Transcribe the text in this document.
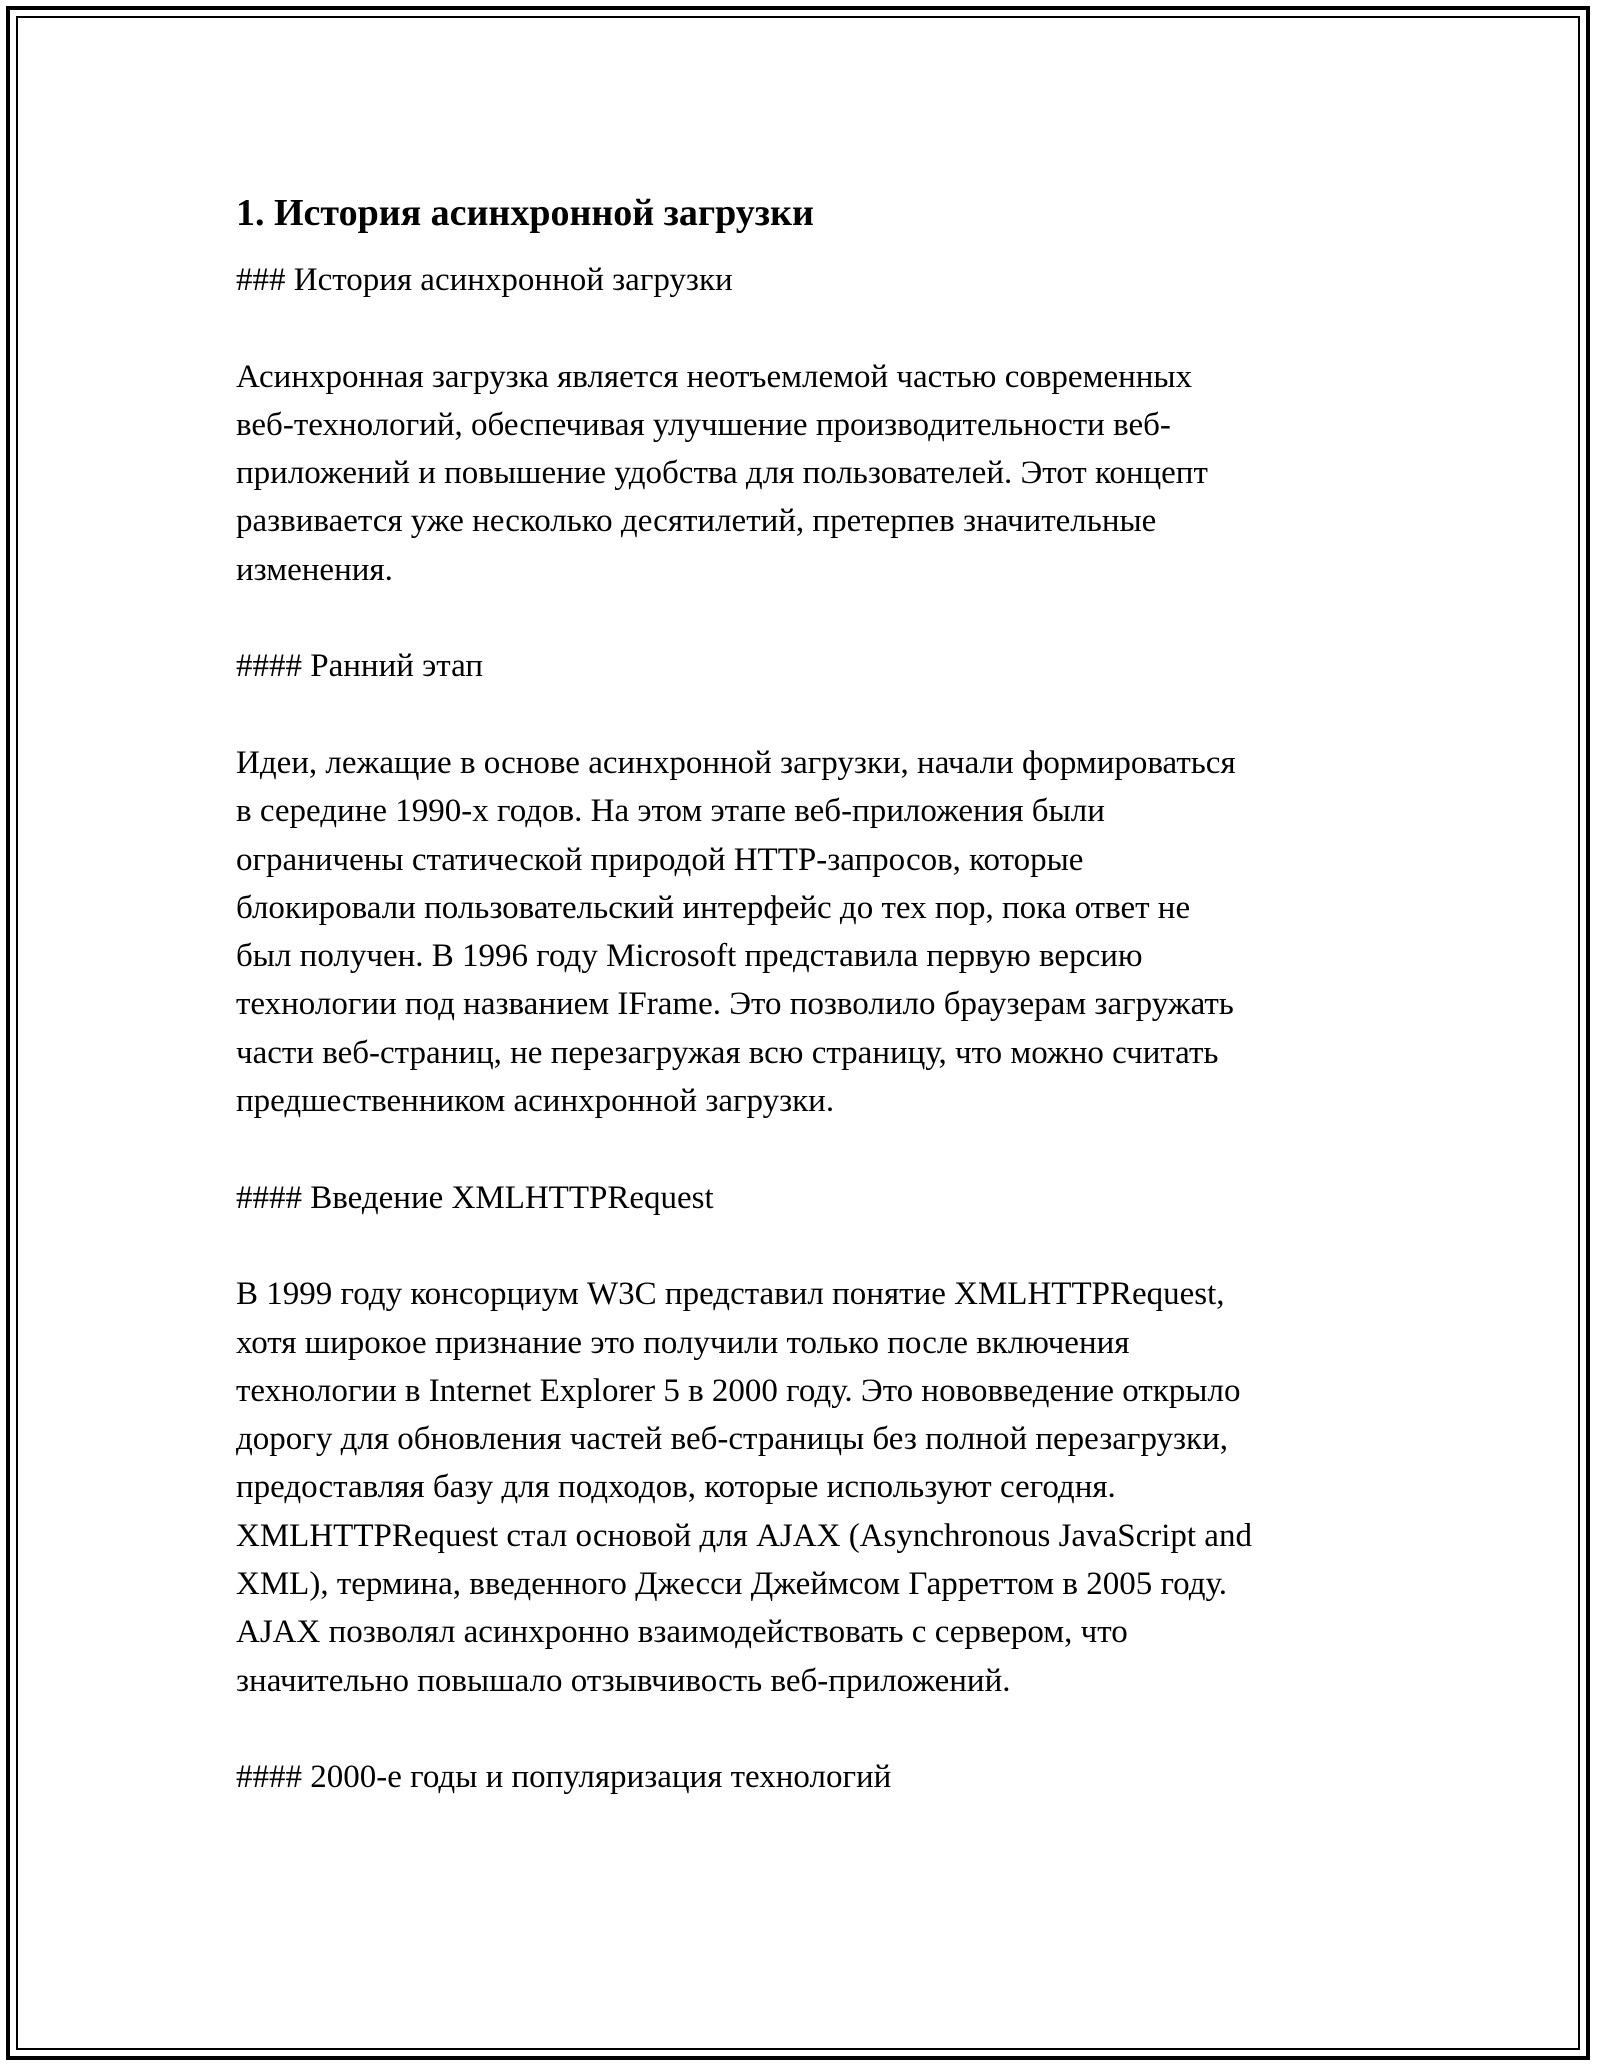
1. История асинхронной загрузки

### История асинхронной загрузки

Асинхронная загрузка является неотъемлемой частью современных
веб-технологий, обеспечивая улучшение производительности веб-
приложений и повышение удобства для пользователей. Этот концепт
развивается уже несколько десятилетий, претерпев значительные
изменения.

#### Ранний этап

Идеи, лежащие в основе асинхронной загрузки, начали формироваться
в середине 1990-х годов. На этом этапе веб-приложения были
ограничены статической природой HTTP-запросов, которые
блокировали пользовательский интерфейс до тех пор, пока ответ не
был получен. В 1996 году Microsoft представила первую версию
технологии под названием IFrame. Это позволило браузерам загружать
части веб-страниц, не перезагружая всю страницу, что можно считать
предшественником асинхронной загрузки.

#### Введение XMLHTTPRequest

В 1999 году консорциум W3C представил понятие XMLHTTPRequest,
хотя широкое признание это получили только после включения
технологии в Internet Explorer 5 в 2000 году. Это нововведение открыло
дорогу для обновления частей веб-страницы без полной перезагрузки,
предоставляя базу для подходов, которые используют сегодня.
XMLHTTPRequest стал основой для AJAX (Asynchronous JavaScript and
XML), термина, введенного Джесси Джеймсом Гарреттом в 2005 году.
AJAX позволял асинхронно взаимодействовать с сервером, что
значительно повышало отзывчивость веб-приложений.

#### 2000-е годы и популяризация технологий
